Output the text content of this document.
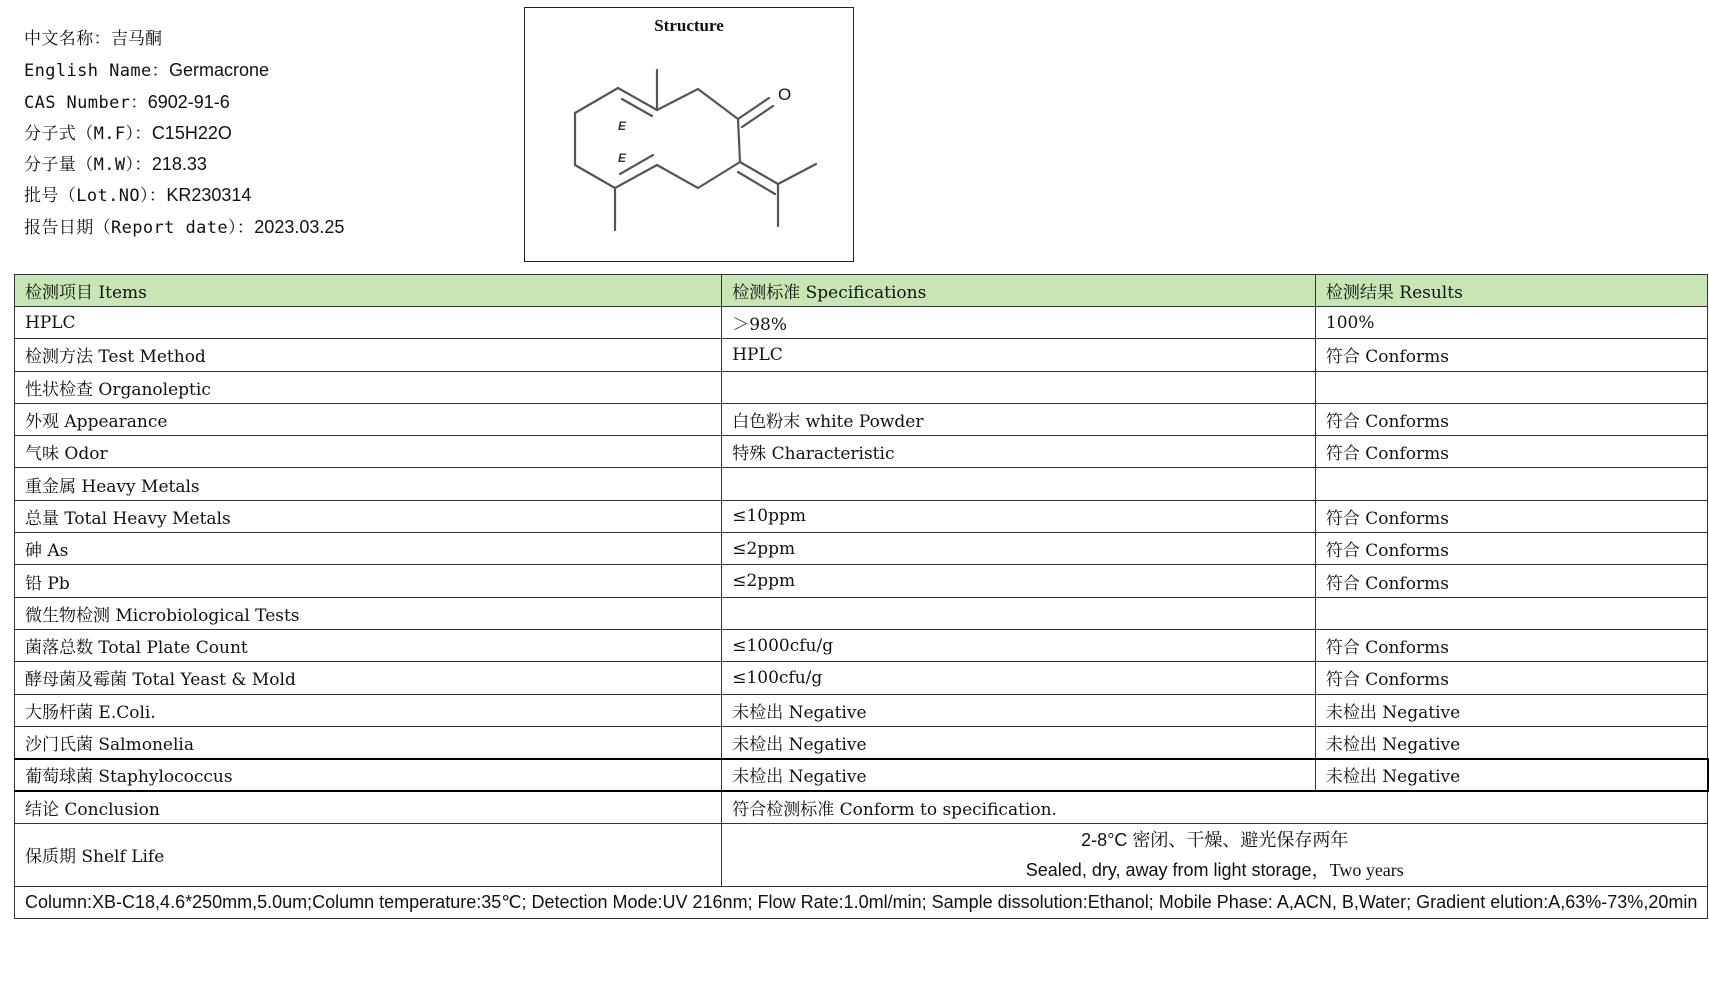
中文名称：吉马酮
English Name：Germacrone
CAS Number：6902-91-6
分子式（M.F）：C15H22O
分子量（M.W）：218.33
批号（Lot.NO）：KR230314
报告日期（Report date）：2023.03.25
Structure
O
E
E
检测项目 Items	检测标准 Specifications	检测结果 Results
HPLC	＞98%	100%
检测方法 Test Method	HPLC	符合 Conforms
性状检查 Organoleptic		
外观 Appearance	白色粉末 white Powder	符合 Conforms
气味 Odor	特殊 Characteristic	符合 Conforms
重金属 Heavy Metals		
总量 Total Heavy Metals	≤10ppm	符合 Conforms
砷 As	≤2ppm	符合 Conforms
铅 Pb	≤2ppm	符合 Conforms
微生物检测 Microbiological Tests		
菌落总数 Total Plate Count	≤1000cfu/g	符合 Conforms
酵母菌及霉菌 Total Yeast & Mold	≤100cfu/g	符合 Conforms
大肠杆菌 E.Coli.	未检出 Negative	未检出 Negative
沙门氏菌 Salmonelia	未检出 Negative	未检出 Negative
葡萄球菌 Staphylococcus	未检出 Negative	未检出 Negative
结论 Conclusion	符合检测标准 Conform to specification.	
保质期 Shelf Life	2-8°C 密闭、干燥、避光保存两年
Sealed, dry, away from light storage，Two years	

Column:XB-C18,4.6*250mm,5.0um;Column temperature:35℃; Detection Mode:UV 216nm; Flow Rate:1.0ml/min; Sample dissolution:Ethanol; Mobile Phase: A,ACN, B,Water; Gradient elution:A,63%-73%,20min		
